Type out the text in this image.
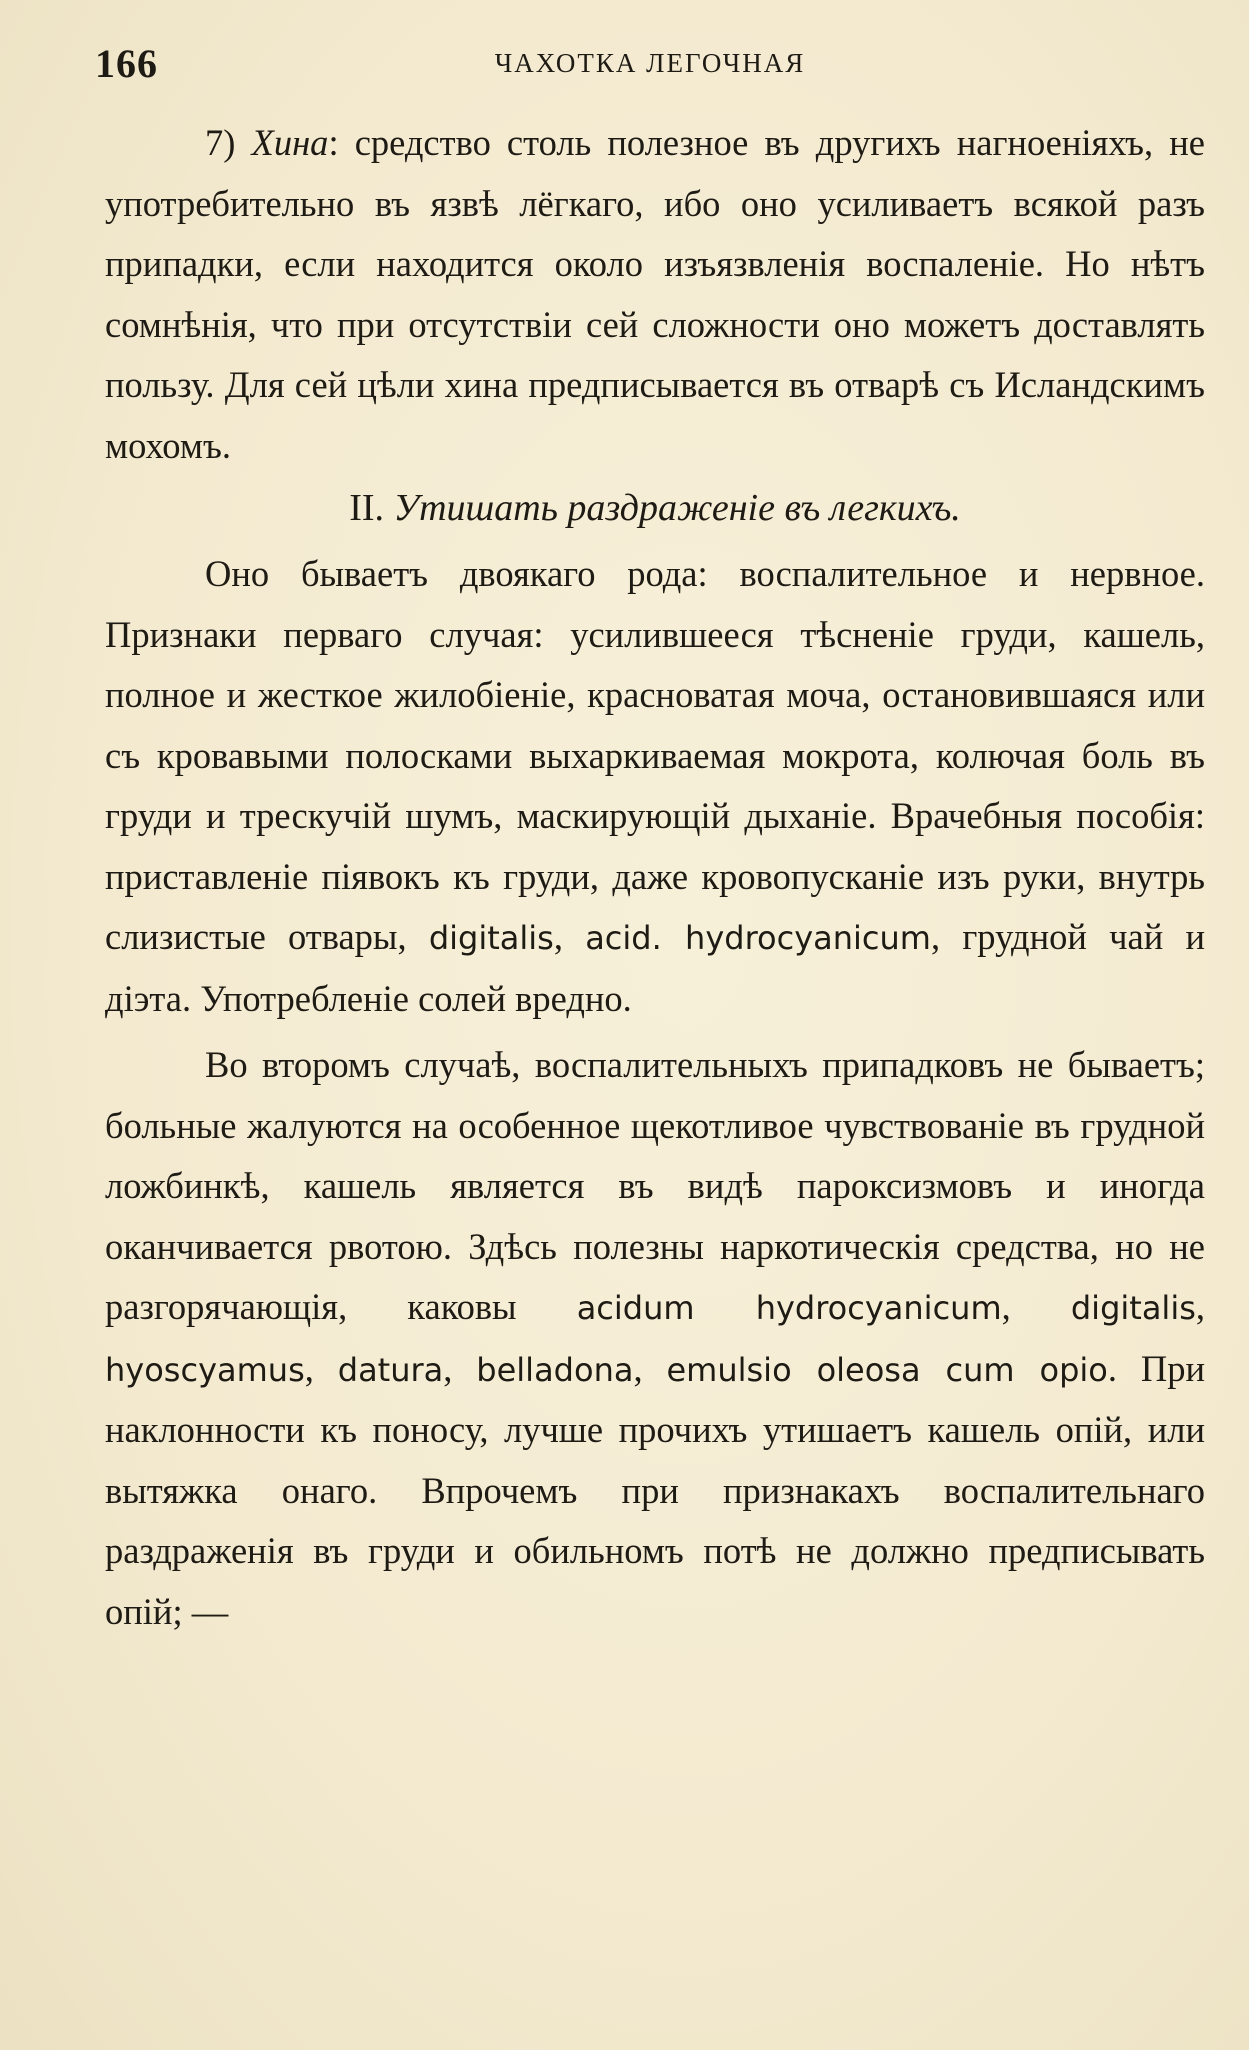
166	ЧАХОТКА ЛЕГОЧНАЯ

7) Хина: средство столь полезное въ другихъ нагноеніяхъ, не употребительно въ язвѣ лёгкаго, ибо оно усиливаетъ всякой разъ припадки, если находится около изъязвленія воспаленіе. Но нѣтъ сомнѣнія, что при отсутствіи сей сложности оно можетъ доставлять пользу. Для сей цѣли хина предписывается въ отварѣ съ Исландскимъ мохомъ.

II. Утишать раздраженіе въ легкихъ.

Оно бываетъ двоякаго рода: воспалительное и нервное. Признаки перваго случая: усилившееся тѣсненіе груди, кашель, полное и жесткое жилобіеніе, красноватая моча, остановившаяся или съ кровавыми полосками выхаркиваемая мокрота, колючая боль въ груди и трескучій шумъ, маскирующій дыханіе. Врачебныя пособія: приставленіе піявокъ къ груди, даже кровопусканіе изъ руки, внутрь слизистые отвары, digitalis, acid. hydrocyanicum, грудной чай и діэта. Употребленіе солей вредно.

Во второмъ случаѣ, воспалительныхъ припадковъ не бываетъ; больные жалуются на особенное щекотливое чувствованіе въ грудной ложбинкѣ, кашель является въ видѣ пароксизмовъ и иногда оканчивается рвотою. Здѣсь полезны наркотическія средства, но не разгорячающія, каковы acidum hydrocyanicum, digitalis, hyoscyamus, datura, belladona, emulsio oleosa cum opio. При наклонности къ поносу, лучше прочихъ утишаетъ кашель опій, или вытяжка онаго. Впрочемъ при признакахъ воспалительнаго раздраженія въ груди и обильномъ потѣ не должно предписывать опій; —
